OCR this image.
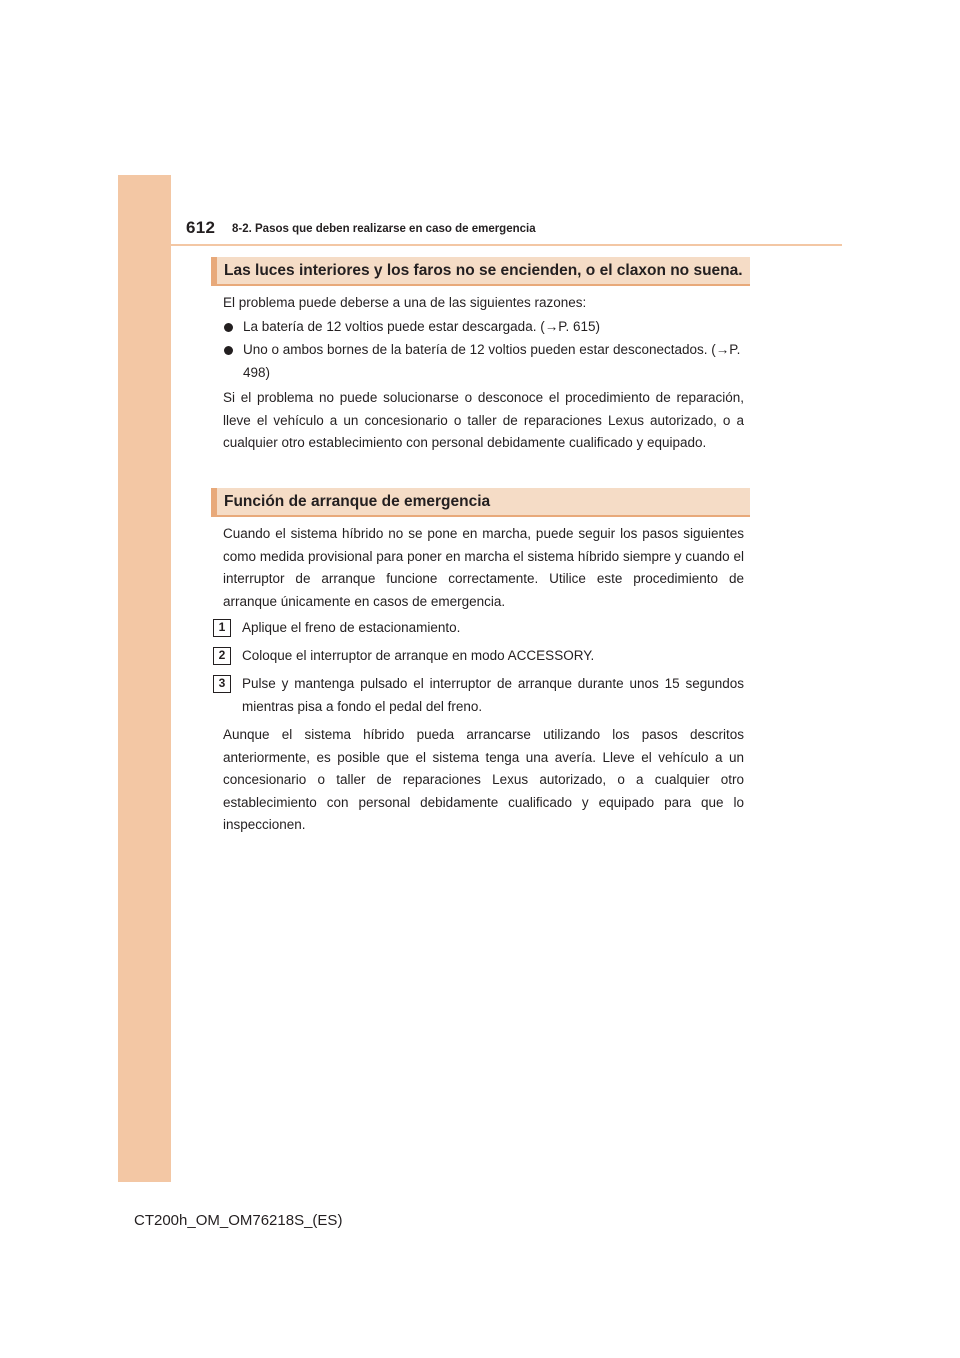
612 8-2. Pasos que deben realizarse en caso de emergencia
Las luces interiores y los faros no se encienden, o el claxon no suena.
El problema puede deberse a una de las siguientes razones:
La batería de 12 voltios puede estar descargada. (→P. 615)
Uno o ambos bornes de la batería de 12 voltios pueden estar desconectados. (→P. 498)
Si el problema no puede solucionarse o desconoce el procedimiento de reparación, lleve el vehículo a un concesionario o taller de reparaciones Lexus autorizado, o a cualquier otro establecimiento con personal debidamente cualificado y equipado.
Función de arranque de emergencia
Cuando el sistema híbrido no se pone en marcha, puede seguir los pasos siguientes como medida provisional para poner en marcha el sistema híbrido siempre y cuando el interruptor de arranque funcione correctamente. Utilice este procedimiento de arranque únicamente en casos de emergencia.
1	Aplique el freno de estacionamiento.
2	Coloque el interruptor de arranque en modo ACCESSORY.
3	Pulse y mantenga pulsado el interruptor de arranque durante unos 15 segundos mientras pisa a fondo el pedal del freno.
Aunque el sistema híbrido pueda arrancarse utilizando los pasos descritos anteriormente, es posible que el sistema tenga una avería. Lleve el vehículo a un concesionario o taller de reparaciones Lexus autorizado, o a cualquier otro establecimiento con personal debidamente cualificado y equipado para que lo inspeccionen.
CT200h_OM_OM76218S_(ES)
